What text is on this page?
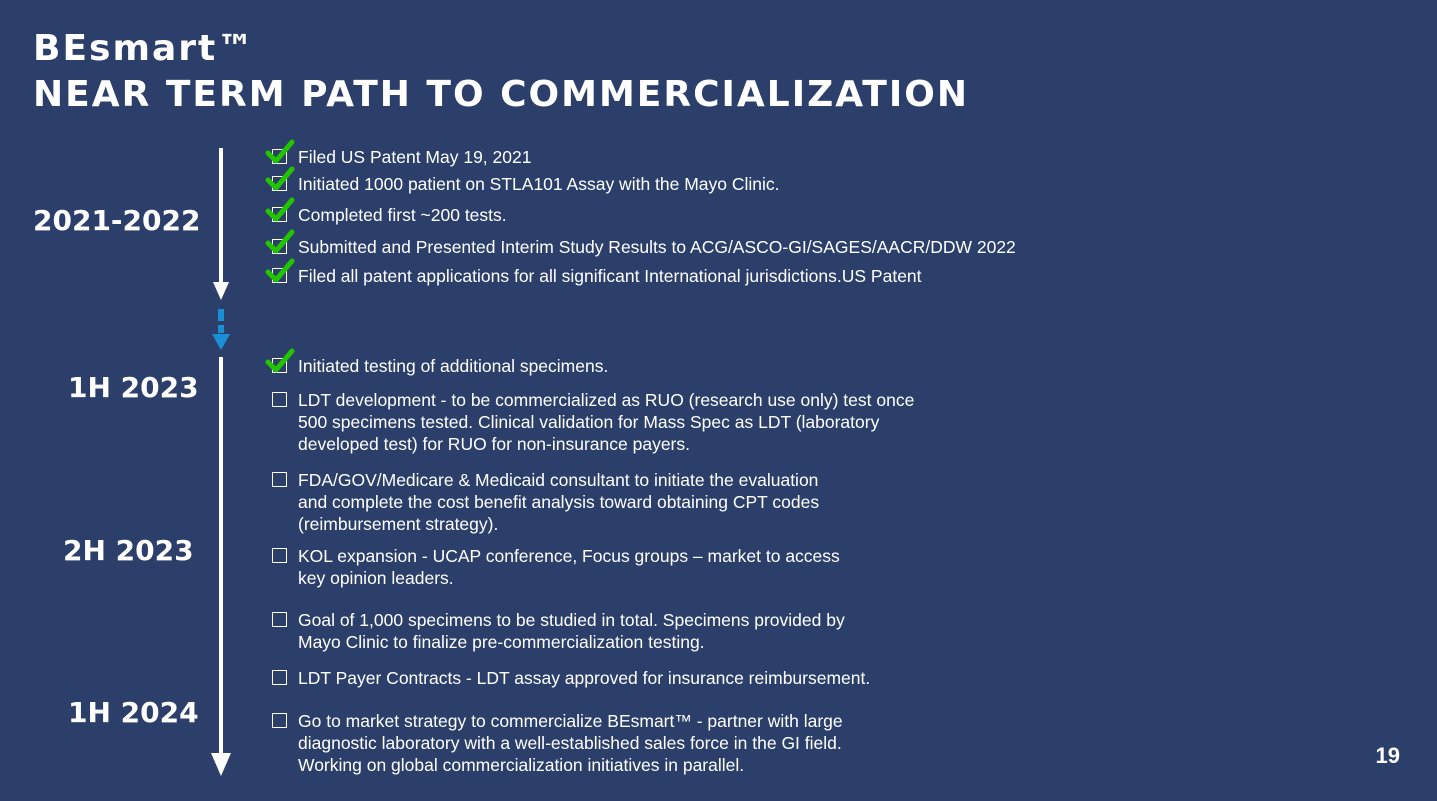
BEsmart™
NEAR TERM PATH TO COMMERCIALIZATION
2021-2022
1H 2023
2H 2023
1H 2024
Filed US Patent May 19, 2021
Initiated 1000 patient on STLA101 Assay with the Mayo Clinic.
Completed first ~200 tests.
Submitted and Presented Interim Study Results to ACG/ASCO-GI/SAGES/AACR/DDW 2022
Filed all patent applications for all significant International jurisdictions.US Patent
Initiated testing of additional specimens.
LDT development - to be commercialized as RUO (research use only) test once
500 specimens tested. Clinical validation for Mass Spec as LDT (laboratory
developed test) for RUO for non-insurance payers.
FDA/GOV/Medicare & Medicaid consultant to initiate the evaluation
and complete the cost benefit analysis toward obtaining CPT codes
(reimbursement strategy).
KOL expansion - UCAP conference, Focus groups – market to access
key opinion leaders.
Goal of 1,000 specimens to be studied in total. Specimens provided by
Mayo Clinic to finalize pre-commercialization testing.
LDT Payer Contracts - LDT assay approved for insurance reimbursement.
Go to market strategy to commercialize BEsmart™ - partner with large
diagnostic laboratory with a well-established sales force in the GI field.
Working on global commercialization initiatives in parallel.	19
